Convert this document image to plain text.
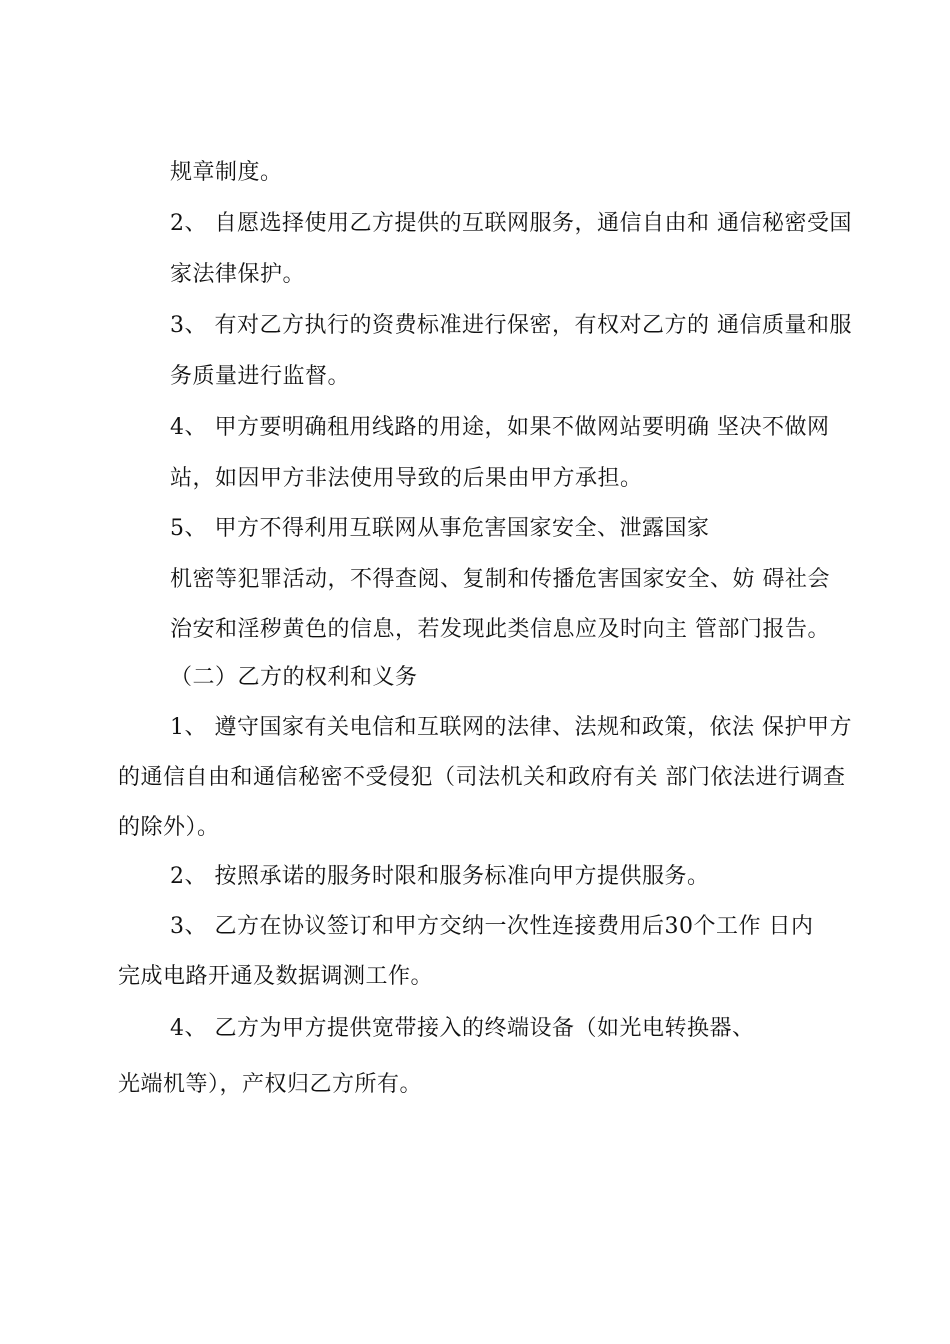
规章制度。
2、 自愿选择使用乙方提供的互联网服务，通信自由和 通信秘密受国
家法律保护。
3、 有对乙方执行的资费标准进行保密，有权对乙方的 通信质量和服
务质量进行监督。
4、 甲方要明确租用线路的用途，如果不做网站要明确 坚决不做网
站，如因甲方非法使用导致的后果由甲方承担。
5、 甲方不得利用互联网从事危害国家安全、泄露国家
机密等犯罪活动，不得查阅、复制和传播危害国家安全、妨 碍社会
治安和淫秽黄色的信息，若发现此类信息应及时向主 管部门报告。
（二）乙方的权利和义务
1、 遵守国家有关电信和互联网的法律、法规和政策，依法 保护甲方
的通信自由和通信秘密不受侵犯（司法机关和政府有关 部门依法进行调查
的除外）。
2、 按照承诺的服务时限和服务标准向甲方提供服务。
3、 乙方在协议签订和甲方交纳一次性连接费用后30个工作 日内
完成电路开通及数据调测工作。
4、 乙方为甲方提供宽带接入的终端设备（如光电转换器、
光端机等），产权归乙方所有。
